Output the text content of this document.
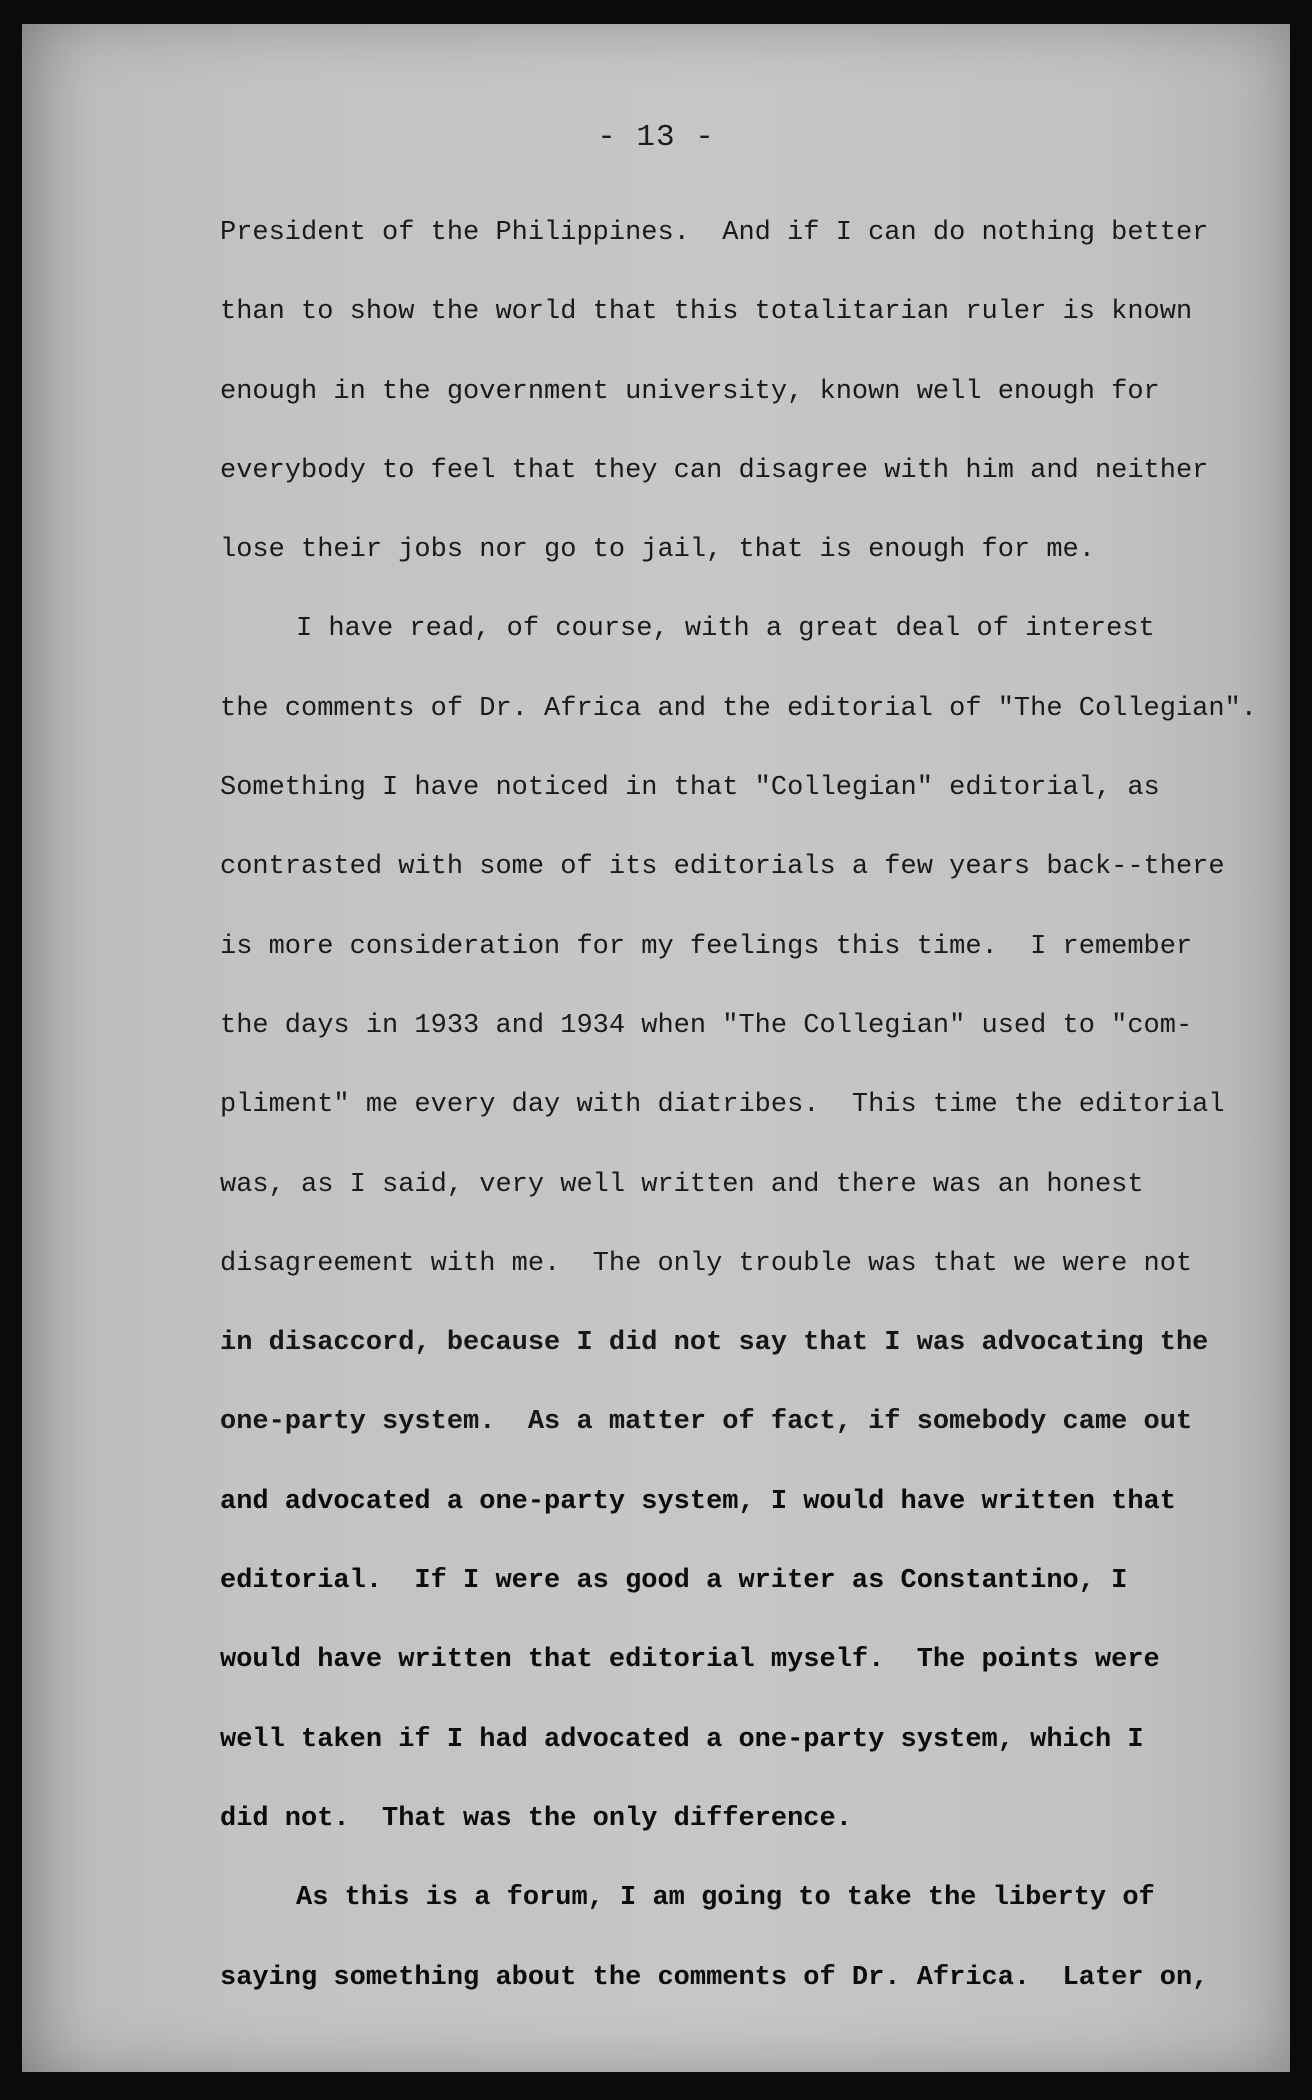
- 13 -
President of the Philippines.  And if I can do nothing better
than to show the world that this totalitarian ruler is known
enough in the government university, known well enough for
everybody to feel that they can disagree with him and neither
lose their jobs nor go to jail, that is enough for me.
I have read, of course, with a great deal of interest
the comments of Dr. Africa and the editorial of "The Collegian".
Something I have noticed in that "Collegian" editorial, as
contrasted with some of its editorials a few years back--there
is more consideration for my feelings this time.  I remember
the days in 1933 and 1934 when "The Collegian" used to "com-
pliment" me every day with diatribes.  This time the editorial
was, as I said, very well written and there was an honest
disagreement with me.  The only trouble was that we were not
in disaccord, because I did not say that I was advocating the
one-party system.  As a matter of fact, if somebody came out
and advocated a one-party system, I would have written that
editorial.  If I were as good a writer as Constantino, I
would have written that editorial myself.  The points were
well taken if I had advocated a one-party system, which I
did not.  That was the only difference.
As this is a forum, I am going to take the liberty of
saying something about the comments of Dr. Africa.  Later on,
